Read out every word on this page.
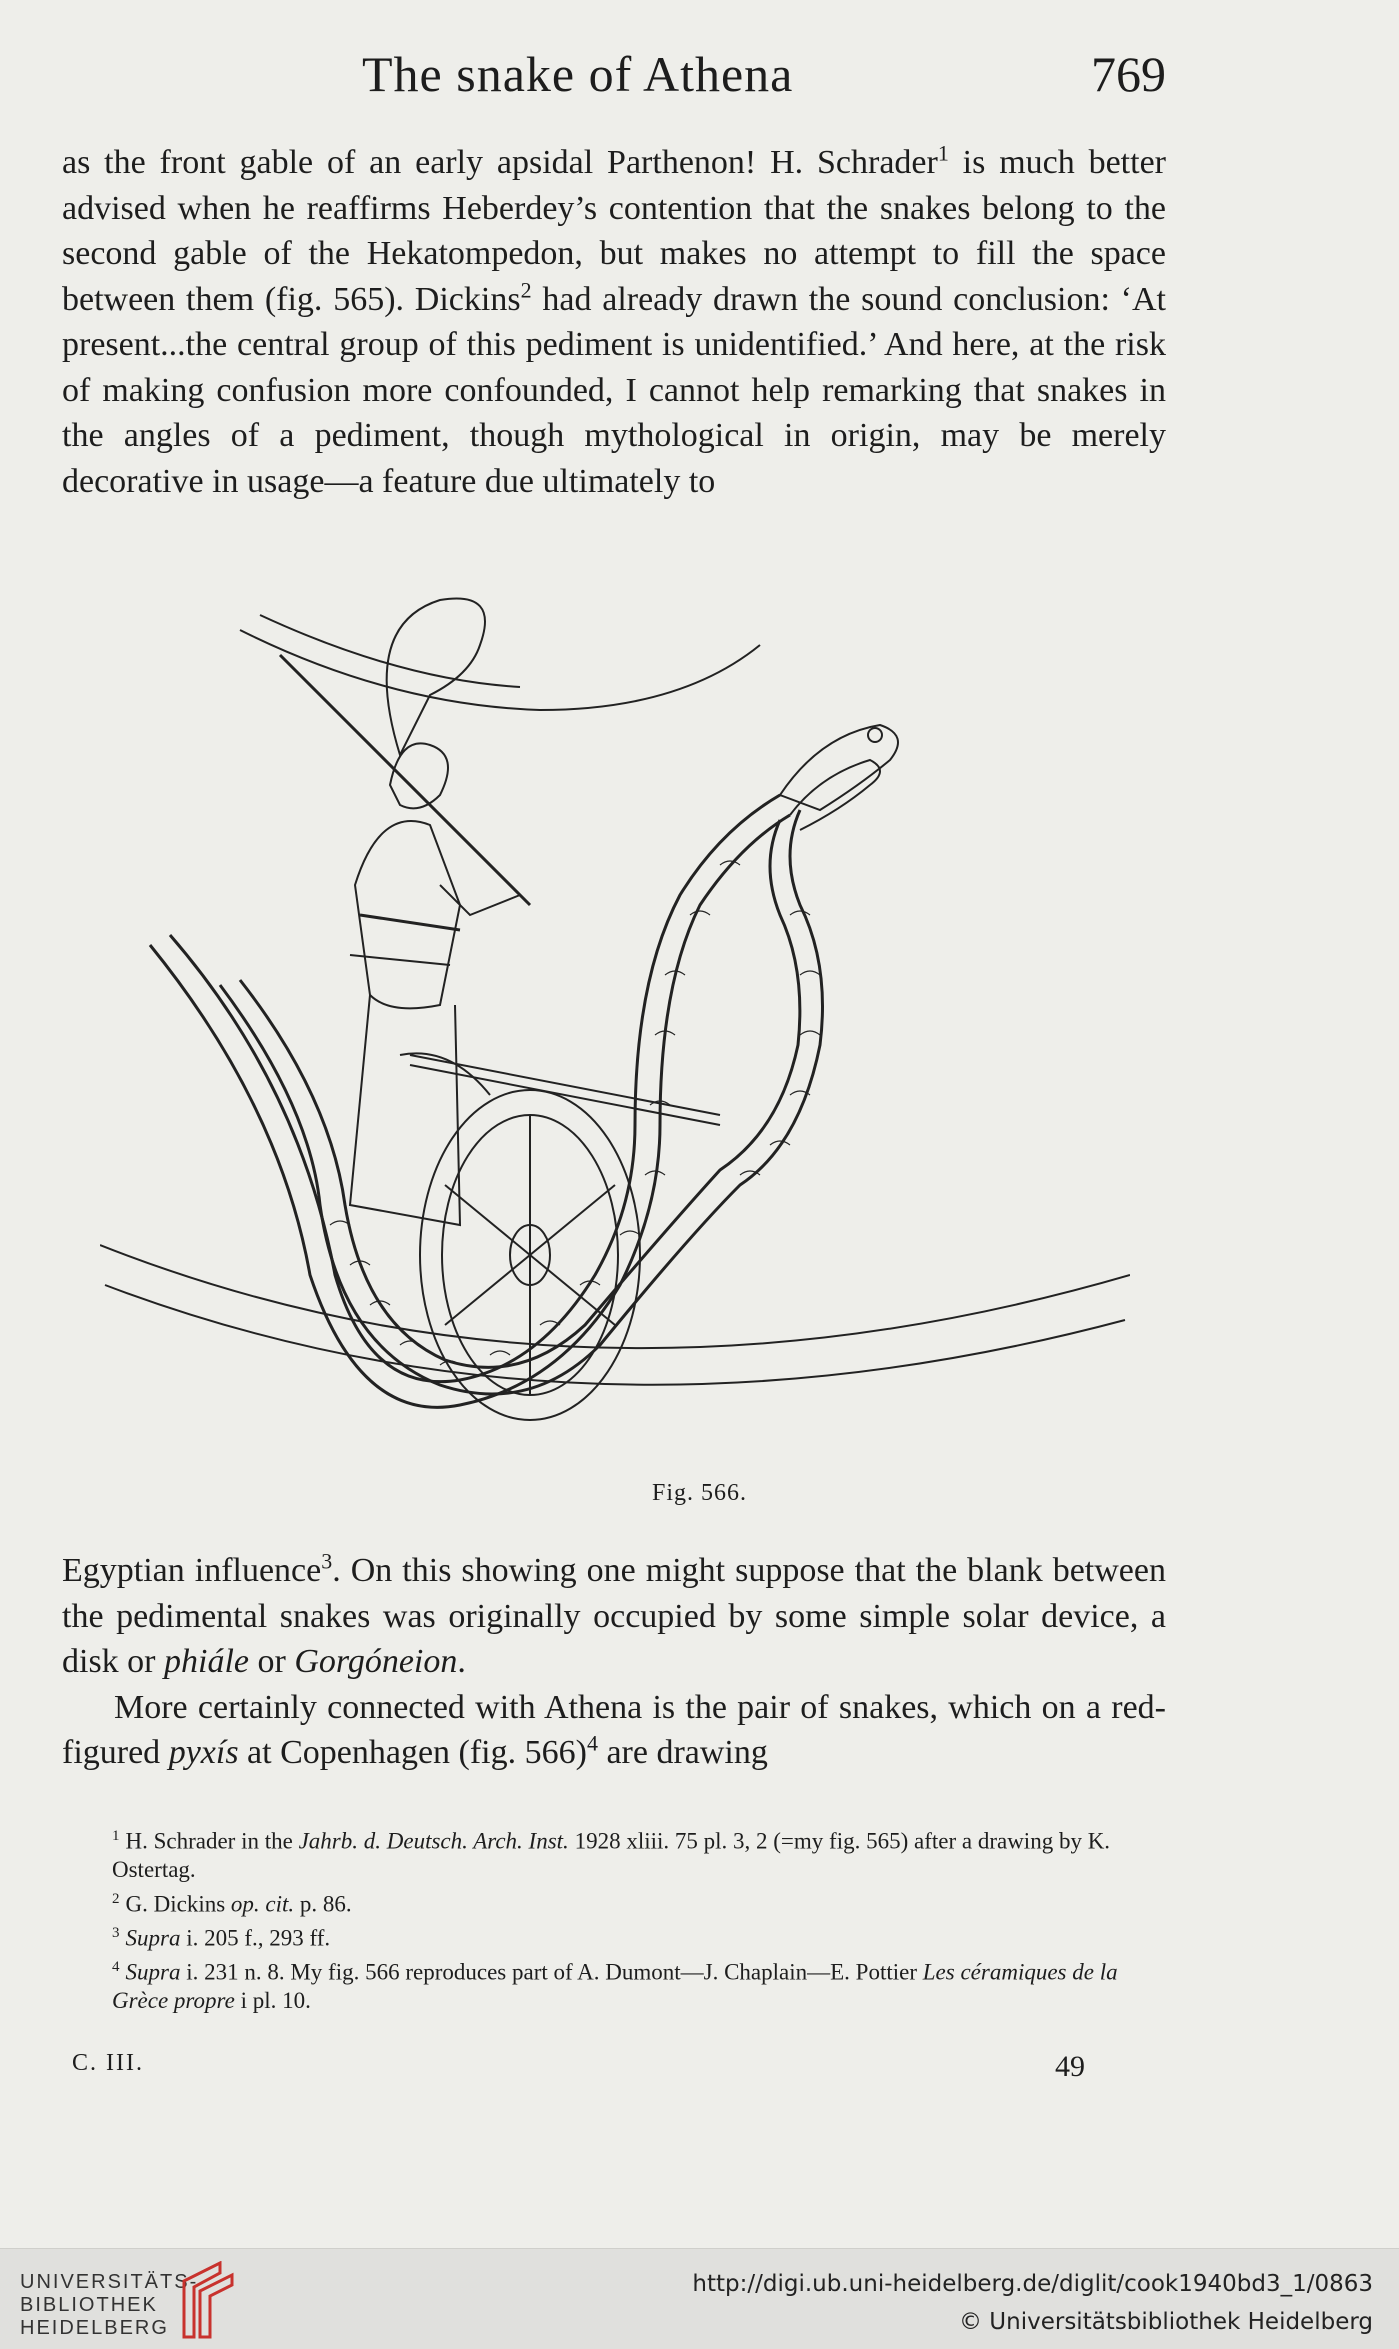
The snake of Athena	769

as the front gable of an early apsidal Parthenon! H. Schrader$^1$ is much better advised when he reaffirms Heberdey’s contention that the snakes belong to the second gable of the Hekatompedon, but makes no attempt to fill the space between them (fig. 565). Dickins$^2$ had already drawn the sound conclusion: ‘At present...the central group of this pediment is unidentified.’ And here, at the risk of making confusion more confounded, I cannot help remarking that snakes in the angles of a pediment, though mythological in origin, may be merely decorative in usage—a feature due ultimately to

Fig. 566.

Egyptian influence$^3$. On this showing one might suppose that the blank between the pedimental snakes was originally occupied by some simple solar device, a disk or phiále or Gorgóneion.

More certainly connected with Athena is the pair of snakes, which on a red-figured pyxís at Copenhagen (fig. 566)$^4$ are drawing

$^1$ H. Schrader in the Jahrb. d. Deutsch. Arch. Inst. 1928 xliii. 75 pl. 3, 2 (=my fig. 565) after a drawing by K. Ostertag.

$^2$ G. Dickins op. cit. p. 86.

$^3$ Supra i. 205 f., 293 ff.

$^4$ Supra i. 231 n. 8. My fig. 566 reproduces part of A. Dumont—J. Chaplain—E. Pottier Les céramiques de la Grèce propre i pl. 10.

C. III.	49
UNIVERSITÄTS-
BIBLIOTHEK
HEIDELBERG
http://digi.ub.uni-heidelberg.de/diglit/cook1940bd3_1/0863
© Universitätsbibliothek Heidelberg
